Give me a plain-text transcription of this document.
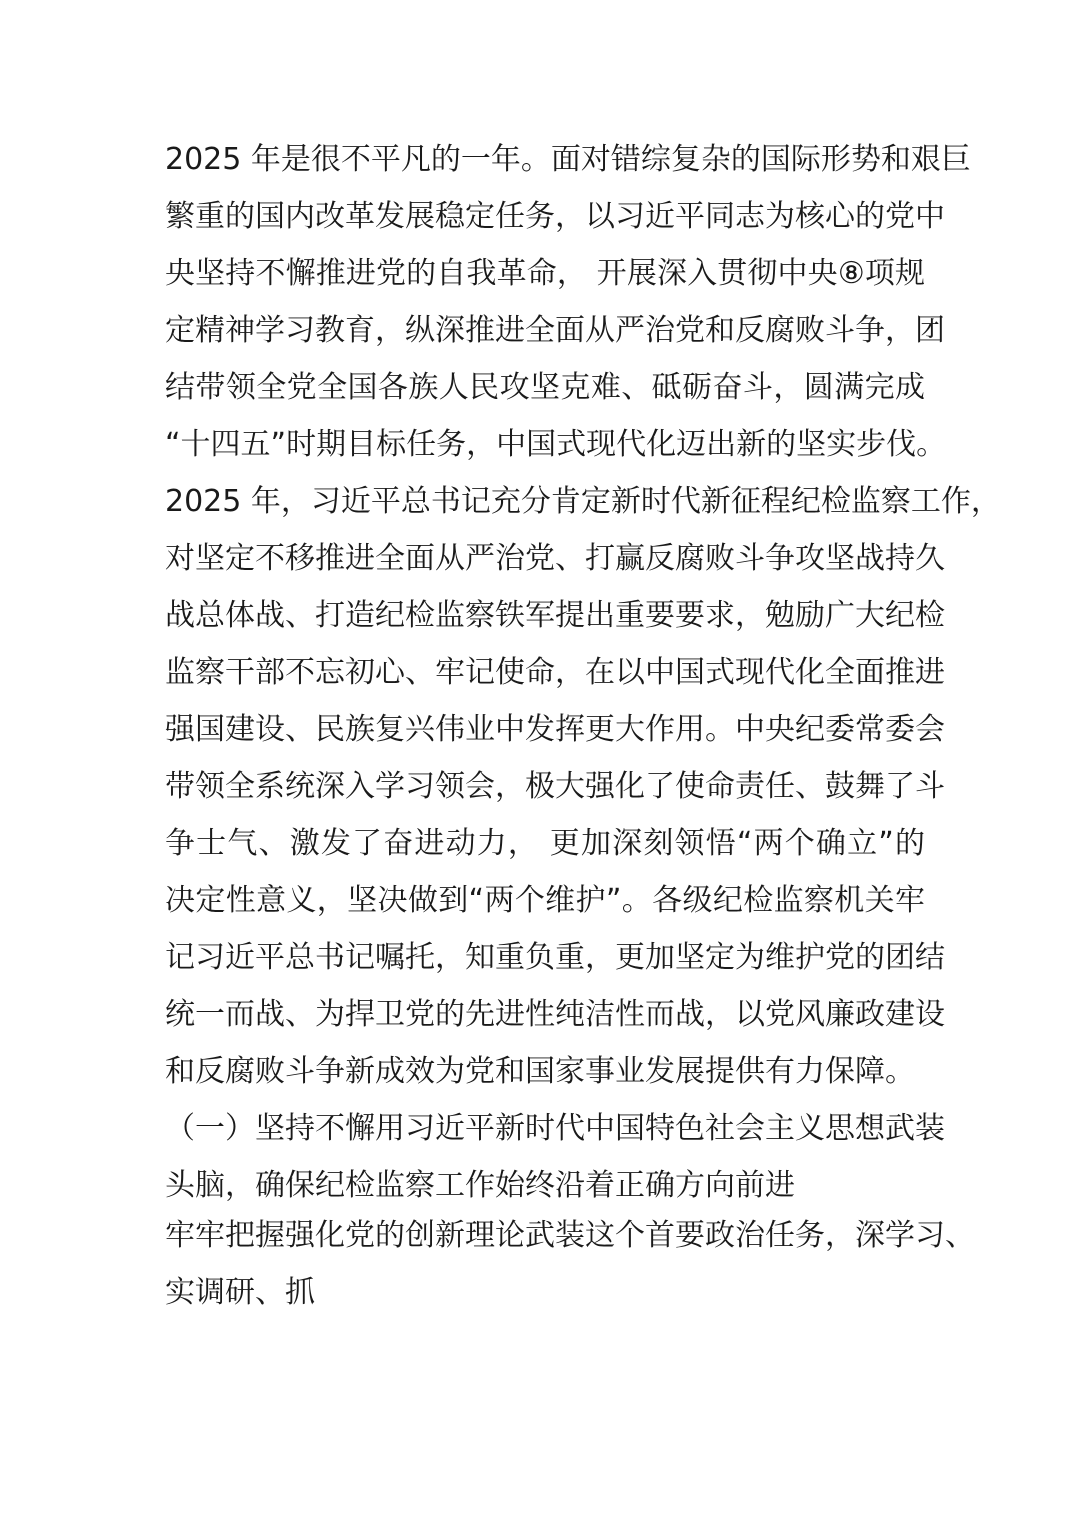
2025 年是很不平凡的一年。面对错综复杂的国际形势和艰巨
繁重的国内改革发展稳定任务，以习近平同志为核心的党中
央坚持不懈推进党的自我革命， 开展深入贯彻中央⑧项规
定精神学习教育，纵深推进全面从严治党和反腐败斗争，团
结带领全党全国各族人民攻坚克难、砥砺奋斗，圆满完成
“十四五”时期目标任务，中国式现代化迈出新的坚实步伐。
2025 年，习近平总书记充分肯定新时代新征程纪检监察工作，
对坚定不移推进全面从严治党、打赢反腐败斗争攻坚战持久
战总体战、打造纪检监察铁军提出重要要求，勉励广大纪检
监察干部不忘初心、牢记使命，在以中国式现代化全面推进
强国建设、民族复兴伟业中发挥更大作用。中央纪委常委会
带领全系统深入学习领会，极大强化了使命责任、鼓舞了斗
争士气、激发了奋进动力， 更加深刻领悟“两个确立”的
决定性意义，坚决做到“两个维护”。各级纪检监察机关牢
记习近平总书记嘱托，知重负重，更加坚定为维护党的团结
统一而战、为捍卫党的先进性纯洁性而战，以党风廉政建设
和反腐败斗争新成效为党和国家事业发展提供有力保障。
（一）坚持不懈用习近平新时代中国特色社会主义思想武装
头脑，确保纪检监察工作始终沿着正确方向前进
牢牢把握强化党的创新理论武装这个首要政治任务，深学习、
实调研、抓
